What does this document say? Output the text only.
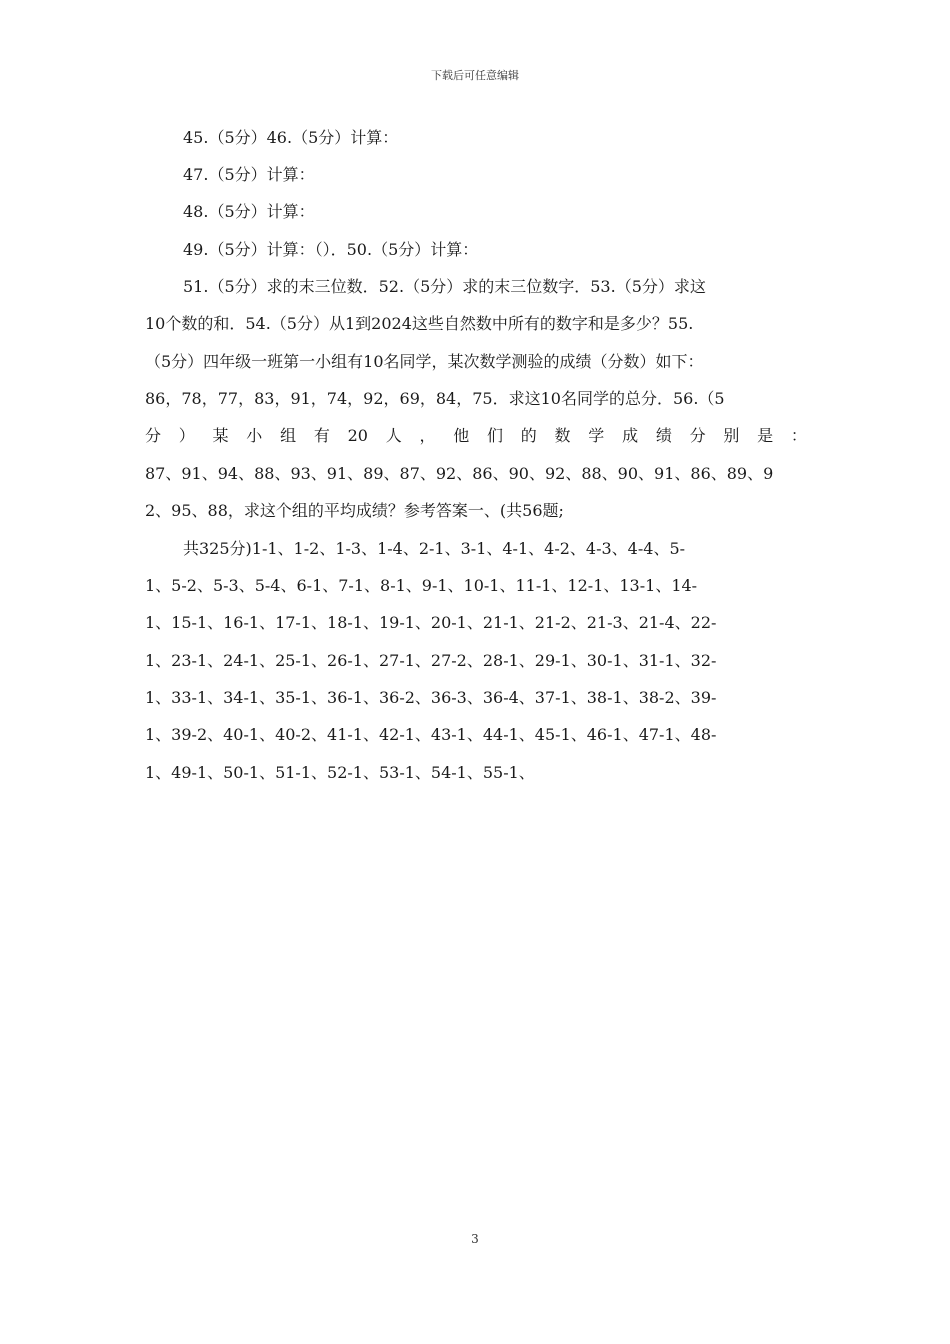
下载后可任意编辑
45.（5分）46.（5分）计算：
47.（5分）计算：
48.（5分）计算：
49.（5分）计算：（）．50.（5分）计算：
51.（5分）求的末三位数．52.（5分）求的末三位数字．53.（5分）求这
10个数的和．54.（5分）从1到2024这些自然数中所有的数字和是多少？55.
（5分）四年级一班第一小组有10名同学，某次数学测验的成绩（分数）如下：
86，78，77，83，91，74，92，69，84，75．求这10名同学的总分．56.（5
分 ） 某 小 组 有 20 人 ， 他 们 的 数 学 成 绩 分 别 是 ：
87、91、94、88、93、91、89、87、92、86、90、92、88、90、91、86、89、9
2、95、88，求这个组的平均成绩？参考答案一、(共56题;
共325分)1-1、1-2、1-3、1-4、2-1、3-1、4-1、4-2、4-3、4-4、5-
1、5-2、5-3、5-4、6-1、7-1、8-1、9-1、10-1、11-1、12-1、13-1、14-
1、15-1、16-1、17-1、18-1、19-1、20-1、21-1、21-2、21-3、21-4、22-
1、23-1、24-1、25-1、26-1、27-1、27-2、28-1、29-1、30-1、31-1、32-
1、33-1、34-1、35-1、36-1、36-2、36-3、36-4、37-1、38-1、38-2、39-
1、39-2、40-1、40-2、41-1、42-1、43-1、44-1、45-1、46-1、47-1、48-
1、49-1、50-1、51-1、52-1、53-1、54-1、55-1、
3
